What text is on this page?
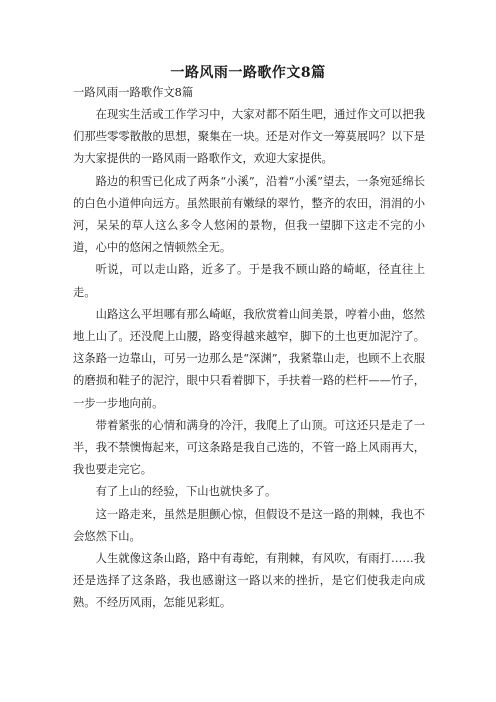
一路风雨一路歌作文8篇

一路风雨一路歌作文8篇

在现实生活或工作学习中，大家对都不陌生吧，通过作文可以把我们那些零零散散的思想，聚集在一块。还是对作文一筹莫展吗？以下是为大家提供的一路风雨一路歌作文，欢迎大家提供。

路边的积雪已化成了两条“小溪”，沿着“小溪”望去，一条宛延绵长的白色小道伸向远方。虽然眼前有嫩绿的翠竹，整齐的农田，涓涓的小河，呆呆的草人这么多令人悠闲的景物，但我一望脚下这走不完的小道，心中的悠闲之情顿然全无。

听说，可以走山路，近多了。于是我不顾山路的崎岖，径直往上走。

山路这么平坦哪有那么崎岖，我欣赏着山间美景，哼着小曲，悠然地上山了。还没爬上山腰，路变得越来越窄，脚下的土也更加泥泞了。这条路一边靠山，可另一边那么是“深渊”，我紧靠山走，也顾不上衣服的磨损和鞋子的泥泞，眼中只看着脚下，手扶着一路的栏杆——竹子，一步一步地向前。

带着紧张的心情和满身的冷汗，我爬上了山顶。可这还只是走了一半，我不禁懊悔起来，可这条路是我自己选的，不管一路上风雨再大，我也要走完它。

有了上山的经验，下山也就快多了。

这一路走来，虽然是胆颤心惊，但假设不是这一路的荆棘，我也不会悠然下山。

人生就像这条山路，路中有毒蛇，有荆棘，有风吹，有雨打……我还是选择了这条路，我也感谢这一路以来的挫折，是它们使我走向成熟。不经历风雨，怎能见彩虹。
